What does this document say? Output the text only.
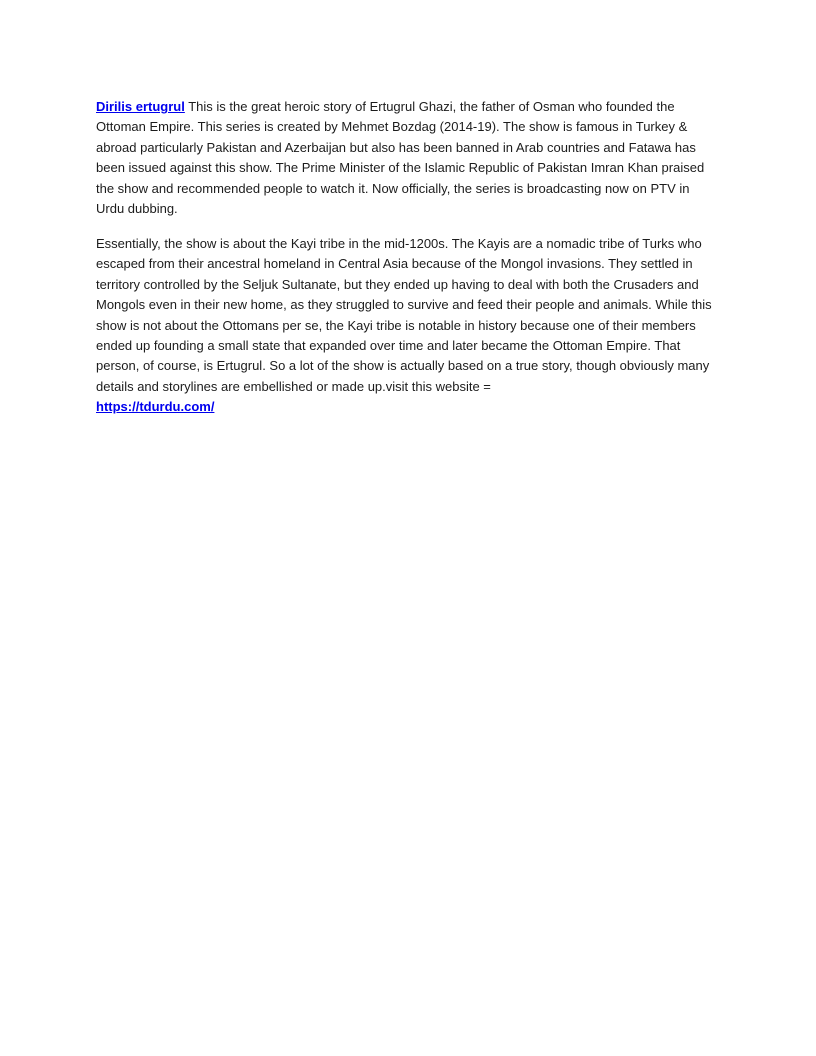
Dirilis ertugrul This is the great heroic story of Ertugrul Ghazi, the father of Osman who founded the Ottoman Empire. This series is created by Mehmet Bozdag (2014-19). The show is famous in Turkey & abroad particularly Pakistan and Azerbaijan but also has been banned in Arab countries and Fatawa has been issued against this show. The Prime Minister of the Islamic Republic of Pakistan Imran Khan praised the show and recommended people to watch it. Now officially, the series is broadcasting now on PTV in Urdu dubbing.

Essentially, the show is about the Kayi tribe in the mid-1200s. The Kayis are a nomadic tribe of Turks who escaped from their ancestral homeland in Central Asia because of the Mongol invasions. They settled in territory controlled by the Seljuk Sultanate, but they ended up having to deal with both the Crusaders and Mongols even in their new home, as they struggled to survive and feed their people and animals. While this show is not about the Ottomans per se, the Kayi tribe is notable in history because one of their members ended up founding a small state that expanded over time and later became the Ottoman Empire. That person, of course, is Ertugrul. So a lot of the show is actually based on a true story, though obviously many details and storylines are embellished or made up.visit this website =
https://tdurdu.com/
